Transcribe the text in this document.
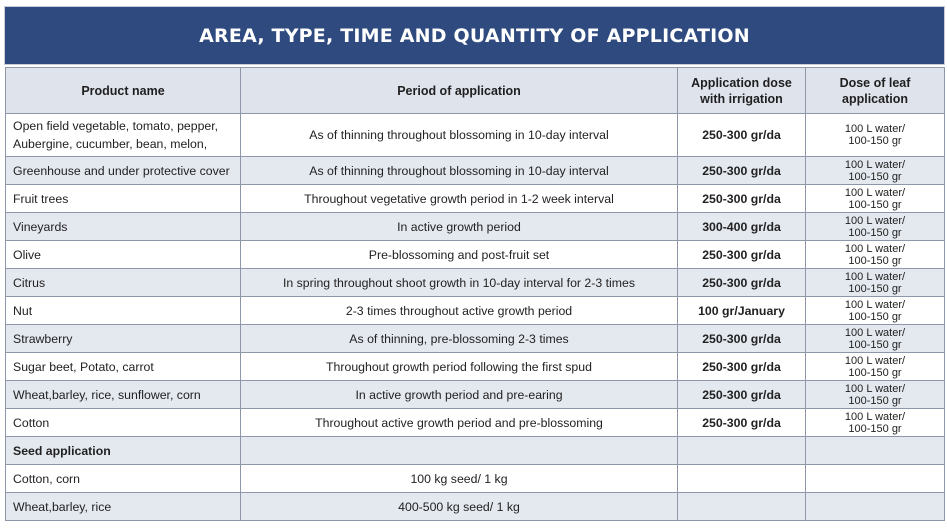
AREA, TYPE, TIME AND QUANTITY OF APPLICATION
Product name	Period of application	Application dose with irrigation	Dose of leaf application
Open field vegetable, tomato, pepper, Aubergine, cucumber, bean, melon,	As of thinning throughout blossoming in 10-day interval	250-300 gr/da	100 L water/
100-150 gr

Greenhouse and under protective cover	As of thinning throughout blossoming in 10-day interval	250-300 gr/da	100 L water/
100-150 gr

Fruit trees	Throughout vegetative growth period in 1-2 week interval	250-300 gr/da	100 L water/
100-150 gr

Vineyards	In active growth period	300-400 gr/da	100 L water/
100-150 gr

Olive	Pre-blossoming and post-fruit set	250-300 gr/da	100 L water/
100-150 gr

Citrus	In spring throughout shoot growth in 10-day interval for 2-3 times	250-300 gr/da	100 L water/
100-150 gr

Nut	2-3 times throughout active growth period	100 gr/January	100 L water/
100-150 gr

Strawberry	As of thinning, pre-blossoming 2-3 times	250-300 gr/da	100 L water/
100-150 gr

Sugar beet, Potato, carrot	Throughout growth period following the first spud	250-300 gr/da	100 L water/
100-150 gr

Wheat,barley, rice, sunflower, corn	In active growth period and pre-earing	250-300 gr/da	100 L water/
100-150 gr

Cotton	Throughout active growth period and pre-blossoming	250-300 gr/da	100 L water/
100-150 gr

Seed application			
Cotton, corn	100 kg seed/ 1 kg		
Wheat,barley, rice	400-500 kg seed/ 1 kg		
